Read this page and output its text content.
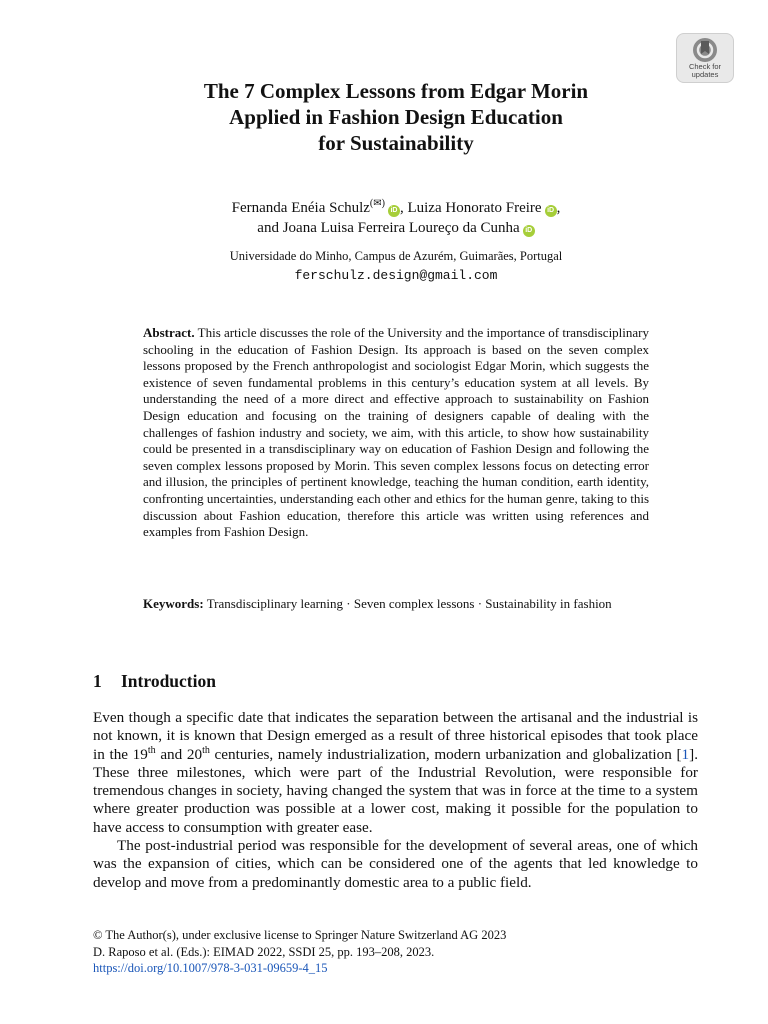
Check for
updates
The 7 Complex Lessons from Edgar Morin
Applied in Fashion Design Education
for Sustainability
Fernanda Enéia Schulz(✉)iD , Luiza Honorato Freire iD ,
and Joana Luisa Ferreira Loureço da Cunha iD
Universidade do Minho, Campus de Azurém, Guimarães, Portugal
ferschulz.design@gmail.com
Abstract. This article discusses the role of the University and the importance of transdisciplinary schooling in the education of Fashion Design. Its approach is based on the seven complex lessons proposed by the French anthropologist and sociologist Edgar Morin, which suggests the existence of seven fundamental problems in this century’s education system at all levels. By understanding the need of a more direct and effective approach to sustainability on Fashion Design education and focusing on the training of designers capable of dealing with the challenges of fashion industry and society, we aim, with this article, to show how sustainability could be presented in a transdisciplinary way on education of Fashion Design and following the seven complex lessons proposed by Morin. This seven complex lessons focus on detecting error and illusion, the principles of pertinent knowledge, teaching the human condition, earth identity, confronting uncertainties, understanding each other and ethics for the human genre, taking to this discussion about Fashion education, therefore this article was written using references and examples from Fashion Design.
Keywords: Transdisciplinary learning · Seven complex lessons · Sustainability in fashion
1 Introduction

Even though a specific date that indicates the separation between the artisanal and the industrial is not known, it is known that Design emerged as a result of three historical episodes that took place in the 19th and 20th centuries, namely industrialization, modern urbanization and globalization [1]. These three milestones, which were part of the Industrial Revolution, were responsible for tremendous changes in society, having changed the system that was in force at the time to a system where greater production was possible at a lower cost, making it possible for the population to have access to consumption with greater ease.

The post-industrial period was responsible for the development of several areas, one of which was the expansion of cities, which can be considered one of the agents that led knowledge to develop and move from a predominantly domestic area to a public field.

© The Author(s), under exclusive license to Springer Nature Switzerland AG 2023
D. Raposo et al. (Eds.): EIMAD 2022, SSDI 25, pp. 193–208, 2023.
https://doi.org/10.1007/978-3-031-09659-4_15
